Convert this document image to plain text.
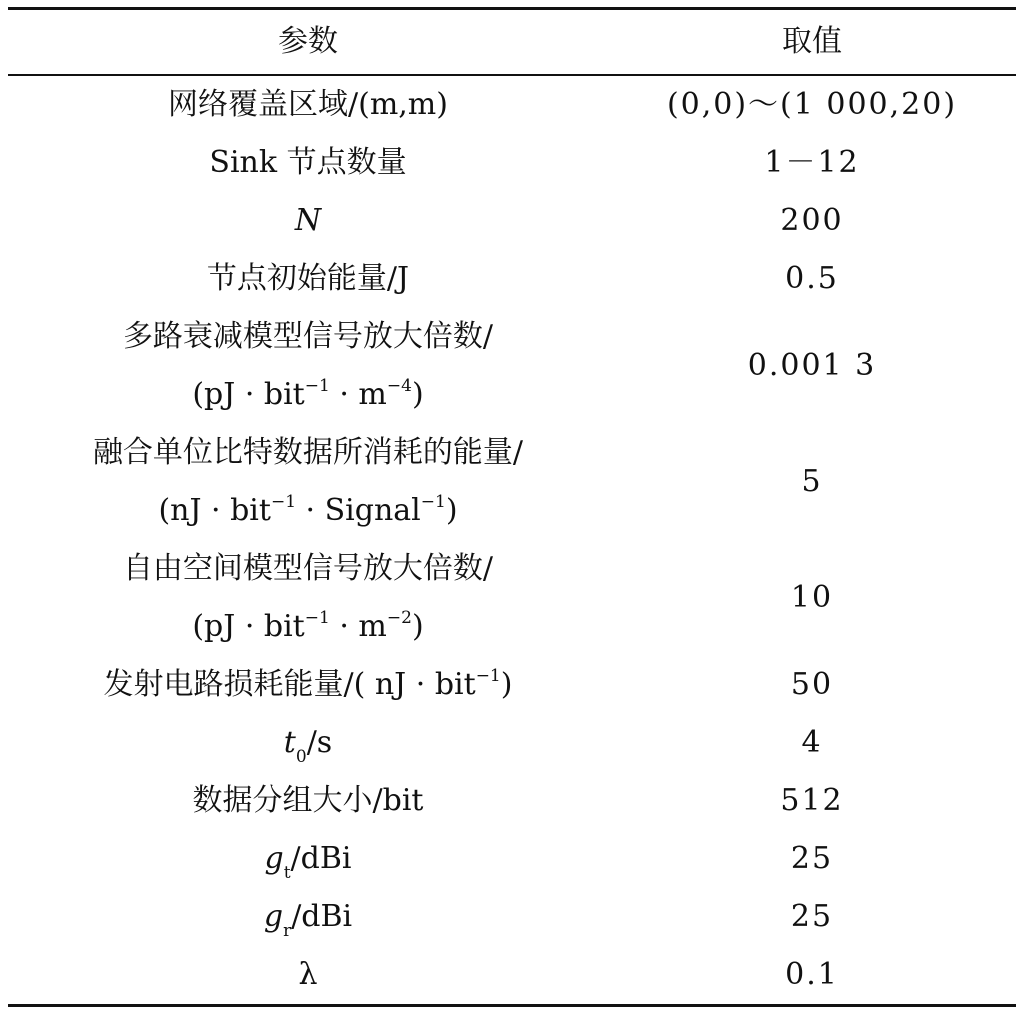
参数	取值
网络覆盖区域/(m,m)	(0,0)～(1 000,20)
Sink 节点数量	1－12
N	200
节点初始能量/J	0.5
多路衰减模型信号放大倍数/
$(pJ \cdot bit^{-1} \cdot m^{-4})$	0.001 3
融合单位比特数据所消耗的能量/
(nJ · bit$^{-1}$ · Signal$^{-1}$)	5
自由空间模型信号放大倍数/
$(pJ \cdot bit^{-1} \cdot m^{-2})$	10
发射电路损耗能量/( nJ · bit$^{-1}$)	50
$t_0/s$	4
数据分组大小/bit	512
$g_t$/dBi	25
$g_r$/dBi	25
λ	0.1
